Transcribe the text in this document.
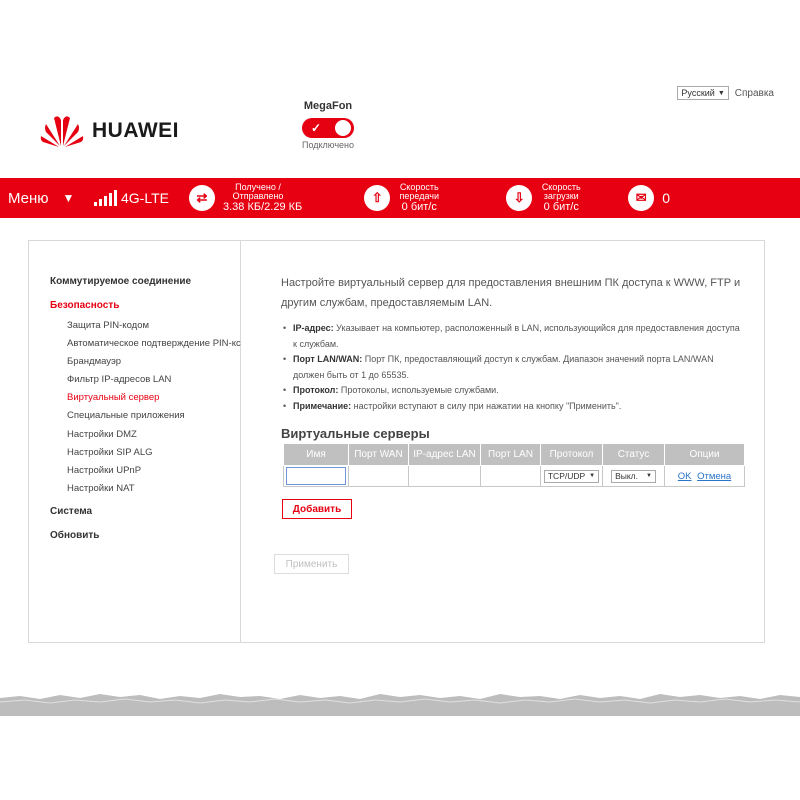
Русский ▼ Справка
HUAWEI
MegaFon
✓
Подключено
Меню ▼	4G-LTE	⇄
Получено / Отправлено
3.38 КБ/2.29 КБ
⇧
Скорость передачи
0 бит/с
⇩
Скорость загрузки
0 бит/с
✉	0
Коммутируемое соединение
Безопасность
Защита PIN-кодом
Автоматическое подтверждение PIN-кс
Брандмауэр
Фильтр IP-адресов LAN
Виртуальный сервер
Специальные приложения
Настройки DMZ
Настройки SIP ALG
Настройки UPnP
Настройки NAT
Система
Обновить
Настройте виртуальный сервер для предоставления внешним ПК доступа к WWW, FTP и другим службам, предоставляемым LAN.
• IP-адрес: Указывает на компьютер, расположенный в LAN, использующийся для предоставления доступа к службам.
• Порт LAN/WAN: Порт ПК, предоставляющий доступ к службам. Диапазон значений порта LAN/WAN должен быть от 1 до 65535.
• Протокол: Протоколы, используемые службами.
• Примечание: настройки вступают в силу при нажатии на кнопку "Применить".
Виртуальные серверы
Имя	Порт WAN	IP-адрес LAN	Порт LAN	Протокол	Статус	Опции

				TCP/UDP ▼	Выкл. ▼	OK Отмена
Добавить
Применить
